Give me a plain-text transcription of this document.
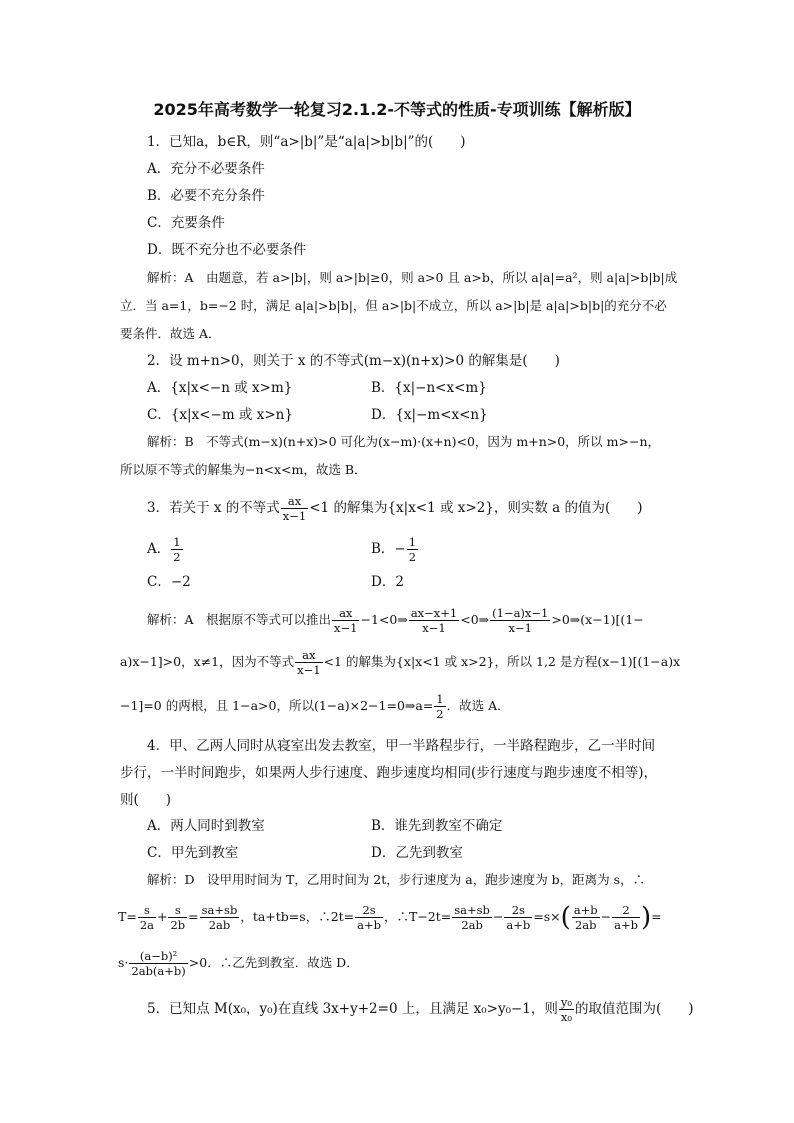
2025年高考数学一轮复习2.1.2-不等式的性质-专项训练【解析版】
1．已知a，b∈R，则“a>|b|”是“a|a|>b|b|”的(　　)
A．充分不必要条件
B．必要不充分条件
C．充要条件
D．既不充分也不必要条件
解析：A　由题意，若 a>|b|，则 a>|b|≥0，则 a>0 且 a>b，所以 a|a|=a²，则 a|a|>b|b|成
立．当 a=1，b=−2 时，满足 a|a|>b|b|，但 a>|b|不成立，所以 a>|b|是 a|a|>b|b|的充分不必
要条件．故选 A．
2．设 m+n>0，则关于 x 的不等式(m−x)(n+x)>0 的解集是(　　)
A．{x|x<−n 或 x>m}	B．{x|−n<x<m}
C．{x|x<−m 或 x>n}	D．{x|−m<x<n}
解析：B　不等式(m−x)(n+x)>0 可化为(x−m)·(x+n)<0，因为 m+n>0，所以 m>−n，
所以原不等式的解集为−n<x<m，故选 B．
3．若关于 x 的不等式 $\frac{ax}{x-1} <1$ 的解集为{x|x<1 或 x>2}，则实数 a 的值为(　　)
A． $\frac{1}{2}$	B．− $\frac{1}{2}$
C．−2	D．2
解析：A　根据原不等式可以推出 $\frac{ax}{x-1}$ −1<0⇒ $\frac{ax-x+1}{x-1}$ <0⇒ $\frac{(1-a)x-1}{x-1}$ >0⇒(x−1)[(1−
a)x−1]>0，x≠1，因为不等式 $\frac{ax}{x-1} <1$ 的解集为{x|x<1 或 x>2}，所以 1,2 是方程(x−1)[(1−a)x
−1]=0 的两根，且 1−a>0，所以(1−a)×2−1=0⇒a= $\frac{1}{2}$ ．故选 A．
4．甲、乙两人同时从寝室出发去教室，甲一半路程步行，一半路程跑步，乙一半时间
步行，一半时间跑步，如果两人步行速度、跑步速度均相同(步行速度与跑步速度不相等)，
则(　　)
A．两人同时到教室	B．谁先到教室不确定
C．甲先到教室	D．乙先到教室
解析：D　设甲用时间为 T，乙用时间为 2t，步行速度为 a，跑步速度为 b，距离为 s，∴
$T= \frac{s}{2a} + \frac{s}{2b} = \frac{sa+sb}{2ab}$ ，ta+tb=s，∴2t= $\frac{2s}{a+b}$ ，∴T−2t= $\frac{sa+sb}{2ab} - \frac{2s}{a+b} =s\times( \frac{a+b}{2ab} - \frac{2}{a+b}$ )=
$s\cdot \frac{\text{(a−b)²}}{2ab(a+b)} >0$．∴乙先到教室．故选 D．
5．已知点 M(x₀，y₀)在直线 3x+y+2=0 上，且满足 x₀>y₀−1，则 $\frac{\text{y₀}}{\text{x₀}}$ 的取值范围为(　　)
